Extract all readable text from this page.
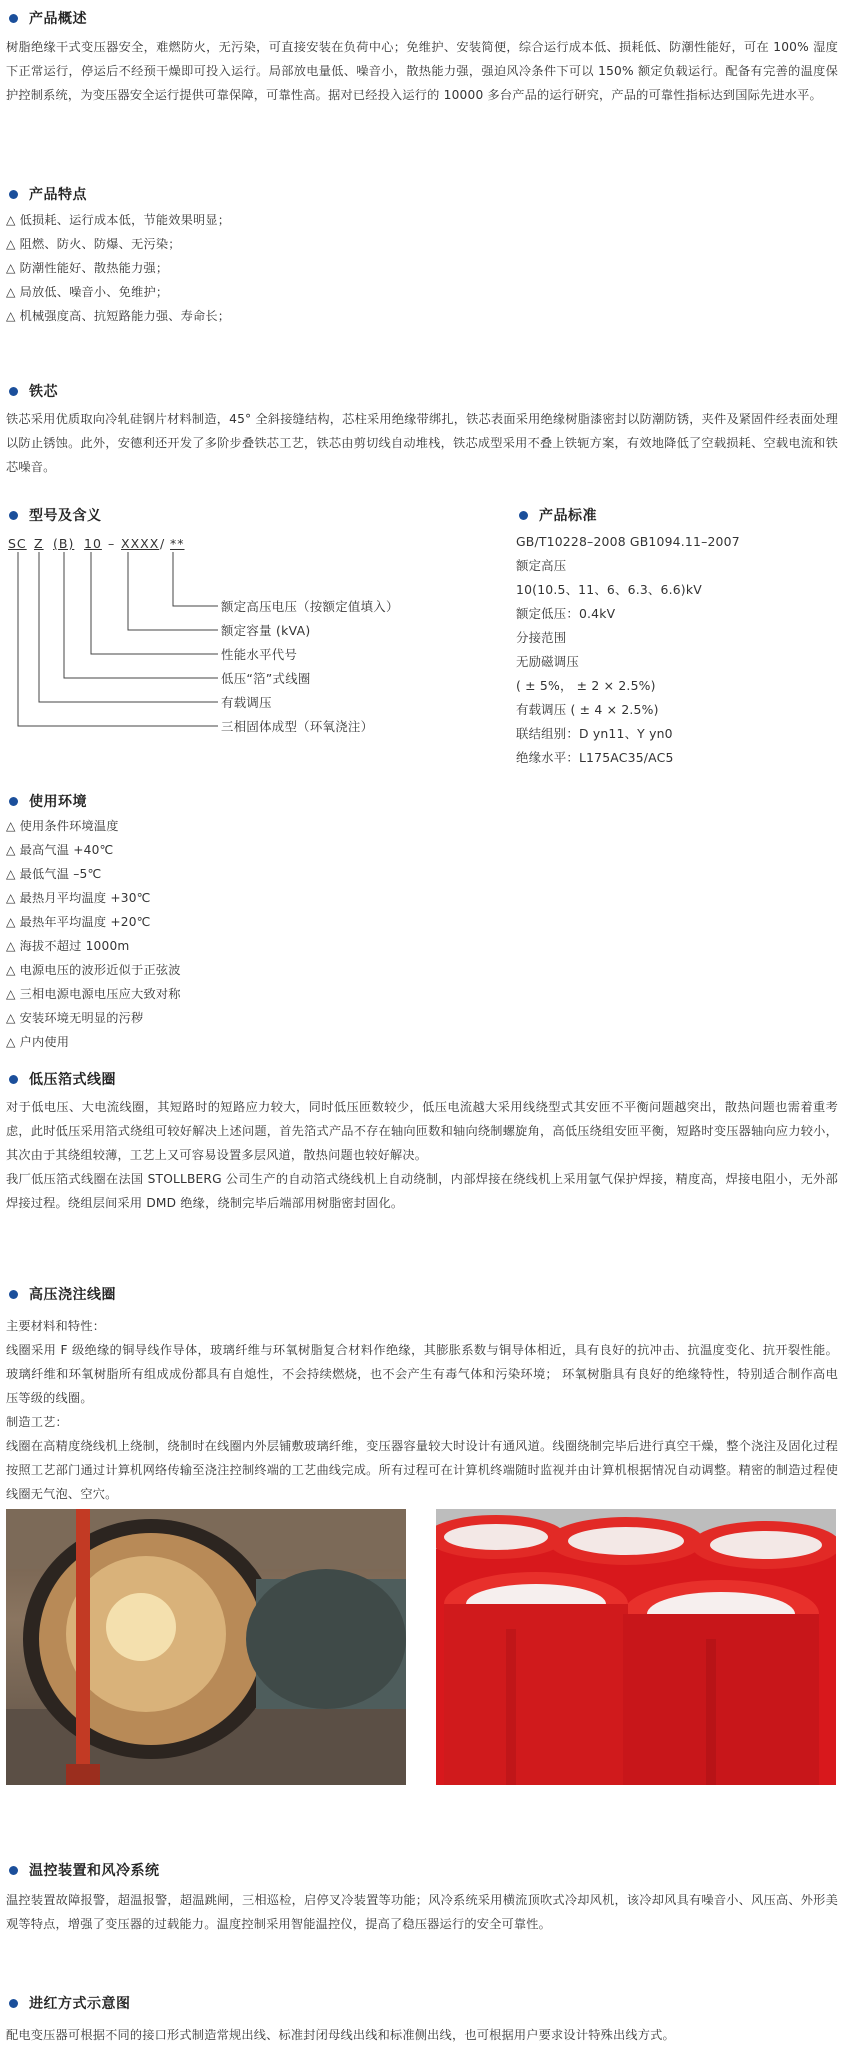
产品概述

树脂绝缘干式变压器安全，难燃防火，无污染，可直接安装在负荷中心；免维护、安装简便，综合运行成本低、损耗低、防潮性能好，可在 100% 湿度下正常运行，停运后不经预干燥即可投入运行。局部放电量低、噪音小，散热能力强，强迫风冷条件下可以 150% 额定负载运行。配备有完善的温度保护控制系统，为变压器安全运行提供可靠保障，可靠性高。据对已经投入运行的 10000 多台产品的运行研究，产品的可靠性指标达到国际先进水平。

产品特点
△ 低损耗、运行成本低，节能效果明显；
△ 阻燃、防火、防爆、无污染；
△ 防潮性能好、散热能力强；
△ 局放低、噪音小、免维护；
△ 机械强度高、抗短路能力强、寿命长；
铁芯

铁芯采用优质取向冷轧硅钢片材料制造，45° 全斜接缝结构，芯柱采用绝缘带绑扎，铁芯表面采用绝缘树脂漆密封以防潮防锈，夹件及紧固件经表面处理以防止锈蚀。此外，安德利还开发了多阶步叠铁芯工艺，铁芯由剪切线自动堆栈，铁芯成型采用不叠上铁轭方案，有效地降低了空载损耗、空载电流和铁芯噪音。

型号及含义
SC Z (B) 10 – XXXX / **
额定高压电压（按额定值填入）
额定容量 (kVA)
性能水平代号
低压“箔”式线圈
有载调压
三相固体成型（环氧浇注）
产品标准
GB/T10228–2008 GB1094.11–2007
额定高压
10(10.5、11、6、6.3、6.6)kV
额定低压：0.4kV
分接范围
无励磁调压
( ± 5%， ± 2 × 2.5%)
有载调压 ( ± 4 × 2.5%)
联结组别：D yn11、Y yn0
绝缘水平：L175AC35/AC5
使用环境
△ 使用条件环境温度
△ 最高气温 +40℃
△ 最低气温 –5℃
△ 最热月平均温度 +30℃
△ 最热年平均温度 +20℃
△ 海拔不超过 1000m
△ 电源电压的波形近似于正弦波
△ 三相电源电源电压应大致对称
△ 安装环境无明显的污秽
△ 户内使用
低压箔式线圈

对于低电压、大电流线圈，其短路时的短路应力较大，同时低压匝数较少，低压电流越大采用线绕型式其安匝不平衡问题越突出，散热问题也需着重考虑，此时低压采用箔式绕组可较好解决上述问题，首先箔式产品不存在轴向匝数和轴向绕制螺旋角，高低压绕组安匝平衡，短路时变压器轴向应力较小，其次由于其绕组较薄，工艺上又可容易设置多层风道，散热问题也较好解决。

我厂低压箔式线圈在法国 STOLLBERG 公司生产的自动箔式绕线机上自动绕制，内部焊接在绕线机上采用氩气保护焊接，精度高，焊接电阻小，无外部焊接过程。绕组层间采用 DMD 绝缘，绕制完毕后端部用树脂密封固化。

高压浇注线圈

主要材料和特性：

线圈采用 F 级绝缘的铜导线作导体，玻璃纤维与环氧树脂复合材料作绝缘，其膨胀系数与铜导体相近，具有良好的抗冲击、抗温度变化、抗开裂性能。玻璃纤维和环氧树脂所有组成成份都具有自熄性，不会持续燃烧，也不会产生有毒气体和污染环境； 环氧树脂具有良好的绝缘特性，特别适合制作高电压等级的线圈。

制造工艺：

线圈在高精度绕线机上绕制，绕制时在线圈内外层铺敷玻璃纤维，变压器容量较大时设计有通风道。线圈绕制完毕后进行真空干燥，整个浇注及固化过程按照工艺部门通过计算机网络传输至浇注控制终端的工艺曲线完成。所有过程可在计算机终端随时监视并由计算机根据情况自动调整。精密的制造过程使线圈无气泡、空穴。

温控装置和风冷系统

温控装置故障报警，超温报警，超温跳闸，三相巡检，启停叉冷装置等功能；风冷系统采用横流顶吹式冷却风机，该冷却风具有噪音小、风压高、外形美观等特点，增强了变压器的过载能力。温度控制采用智能温控仪，提高了稳压器运行的安全可靠性。

进红方式示意图

配电变压器可根据不同的接口形式制造常规出线、标准封闭母线出线和标准侧出线，也可根据用户要求设计特殊出线方式。
